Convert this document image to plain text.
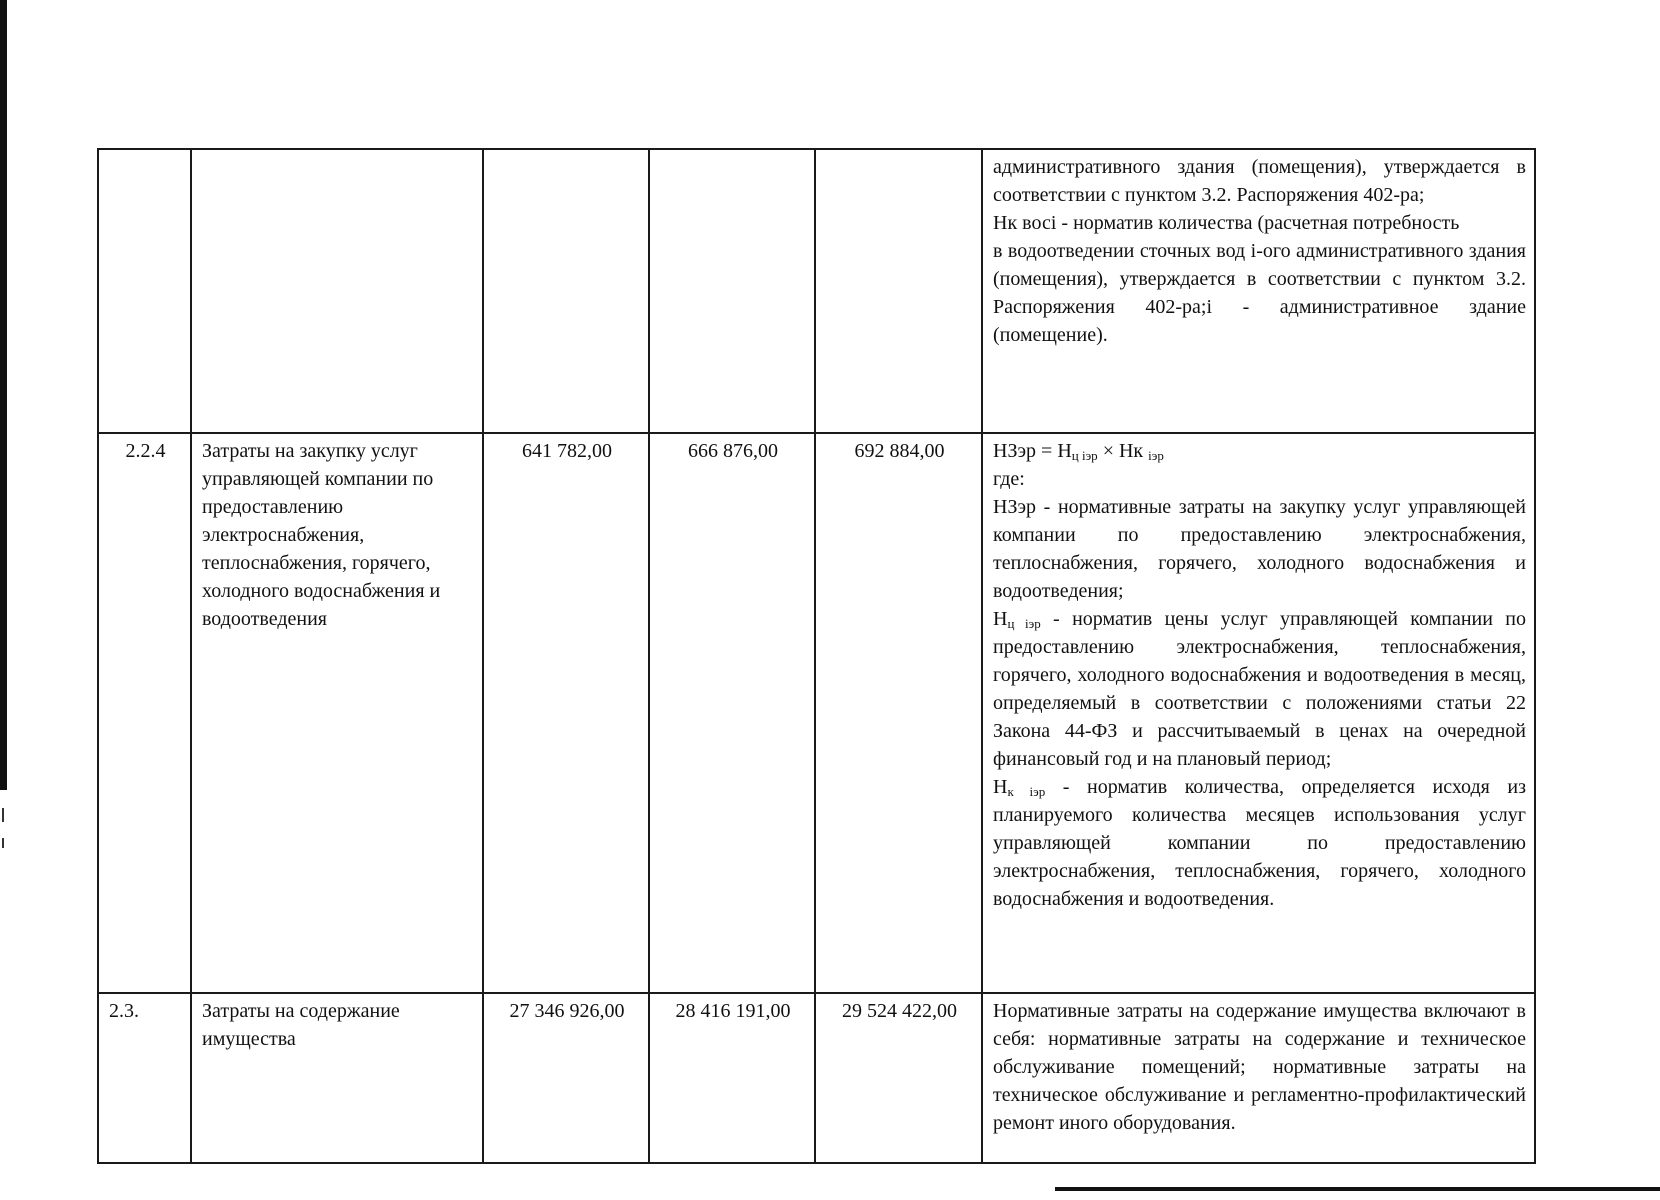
					административного здания (помещения), утверждается в соответствии с пунктом 3.2. Распоряжения 402-ра;

Нк восi - норматив количества (расчетная потребность

в водоотведении сточных вод i-ого административного здания (помещения), утверждается в соответствии с пунктом 3.2. Распоряжения 402-ра;i - административное здание (помещение).

2.2.4	Затраты на закупку услуг управляющей компании по предоставлению электроснабжения, теплоснабжения, горячего, холодного водоснабжения и водоотведения	641 782,00	666 876,00	692 884,00	НЗэр = $Н_{ц iэр}$ × Нк $_{iэр}$

где:

НЗэр - нормативные затраты на закупку услуг управляющей компании по предоставлению электроснабжения, теплоснабжения, горячего, холодного водоснабжения и водоотведения;

$Н_{ц iэр}$ - норматив цены услуг управляющей компании по предоставлению электроснабжения, теплоснабжения, горячего, холодного водоснабжения и водоотведения в месяц, определяемый в соответствии с положениями статьи 22 Закона 44-ФЗ и рассчитываемый в ценах на очередной финансовый год и на плановый период;

$Н_{к iэр}$ - норматив количества, определяется исходя из планируемого количества месяцев использования услуг управляющей компании по предоставлению электроснабжения, теплоснабжения, горячего, холодного водоснабжения и водоотведения.

2.3.	Затраты на содержание имущества	27 346 926,00	28 416 191,00	29 524 422,00	Нормативные затраты на содержание имущества включают в себя: нормативные затраты на содержание и техническое обслуживание помещений; нормативные затраты на техническое обслуживание и регламентно-профилактический ремонт иного оборудования.
